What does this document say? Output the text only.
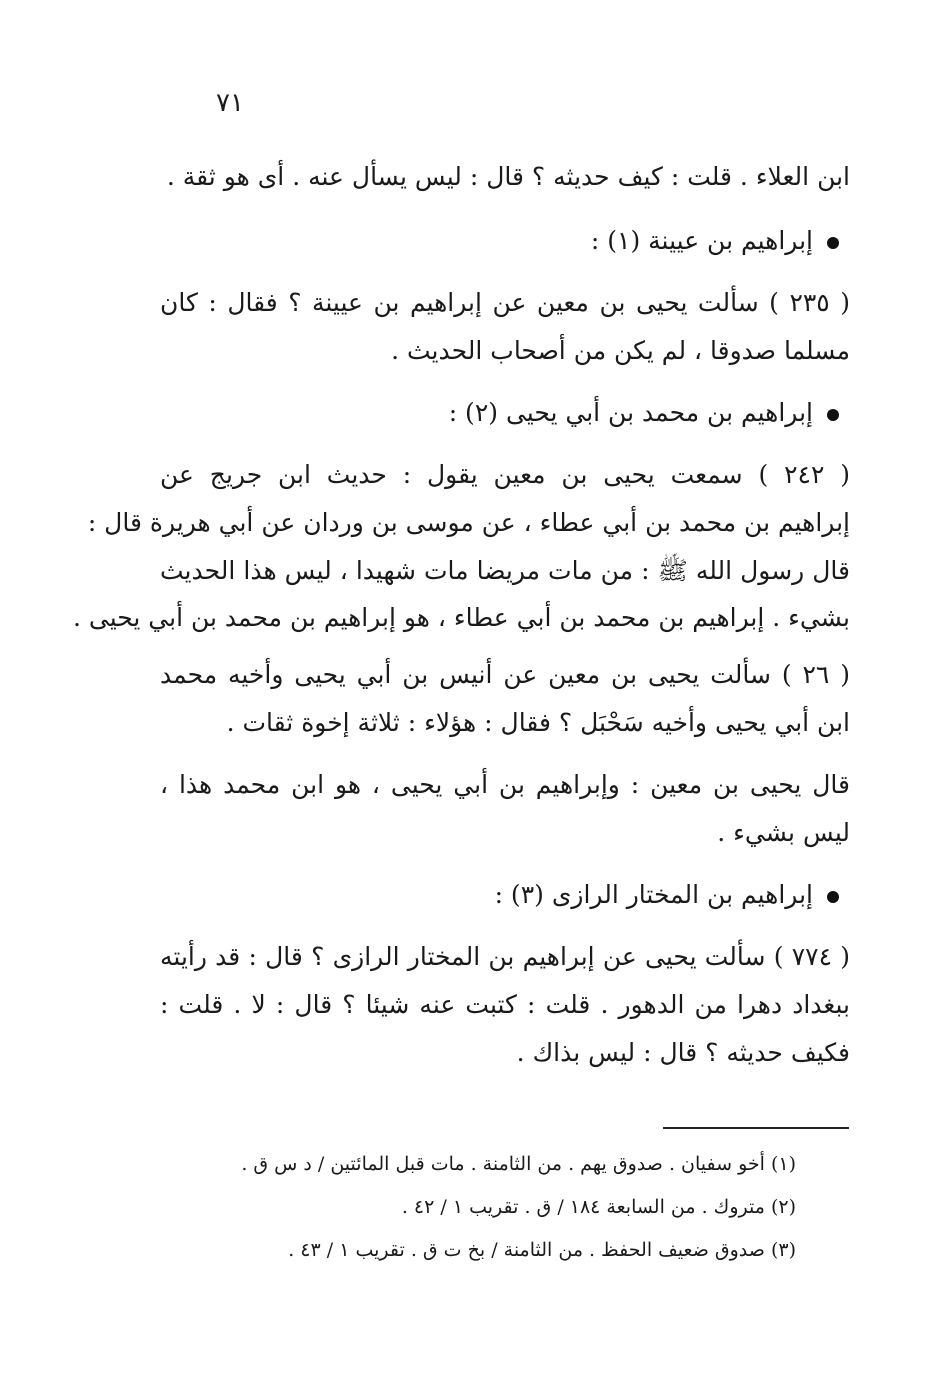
٧١
ابن العلاء . قلت : كيف حديثه ؟ قال : ليس يسأل عنه . أى هو ثقة .
إبراهيم بن عيينة (١) :
( ٢٣٥ ) سألت يحيى بن معين عن إبراهيم بن عيينة ؟ فقال : كان
مسلما صدوقا ، لم يكن من أصحاب الحديث .
إبراهيم بن محمد بن أبي يحيى (٢) :
( ٢٤٢ ) سمعت يحيى بن معين يقول : حديث ابن جريج عن
إبراهيم بن محمد بن أبي عطاء ، عن موسى بن وردان عن أبي هريرة قال :
قال رسول الله ﷺ : من مات مريضا مات شهيدا ، ليس هذا الحديث
بشيء . إبراهيم بن محمد بن أبي عطاء ، هو إبراهيم بن محمد بن أبي يحيى .
( ٢٦ ) سألت يحيى بن معين عن أنيس بن أبي يحيى وأخيه محمد
ابن أبي يحيى وأخيه سَحْبَل ؟ فقال : هؤلاء : ثلاثة إخوة ثقات .
قال يحيى بن معين : وإبراهيم بن أبي يحيى ، هو ابن محمد هذا ،
ليس بشيء .
إبراهيم بن المختار الرازى (٣) :
( ٧٧٤ ) سألت يحيى عن إبراهيم بن المختار الرازى ؟ قال : قد رأيته
ببغداد دهرا من الدهور . قلت : كتبت عنه شيئا ؟ قال : لا . قلت :
فكيف حديثه ؟ قال : ليس بذاك .
(١) أخو سفيان . صدوق يهم . من الثامنة . مات قبل المائتين / د س ق .
(٢) متروك . من السابعة ١٨٤ / ق . تقريب ١ / ٤٢ .
(٣) صدوق ضعيف الحفظ . من الثامنة / بخ ت ق . تقريب ١ / ٤٣ .
